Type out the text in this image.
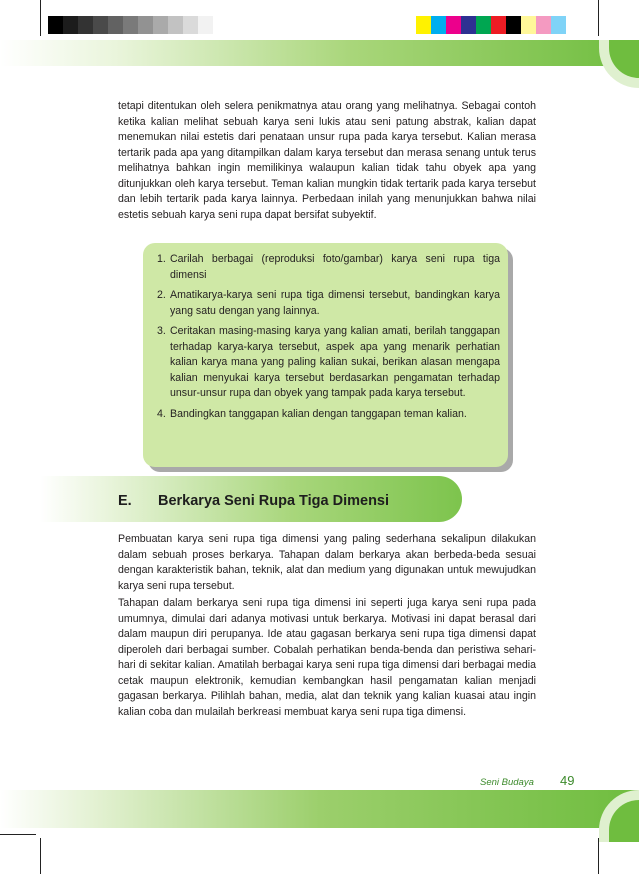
tetapi ditentukan oleh selera penikmatnya atau orang yang melihatnya. Sebagai contoh ketika kalian melihat sebuah karya seni lukis atau seni patung abstrak, kalian dapat menemukan nilai estetis dari penataan unsur rupa pada karya tersebut. Kalian merasa tertarik pada apa yang ditampilkan dalam karya tersebut dan merasa senang untuk terus melihatnya bahkan ingin memilikinya walaupun kalian tidak tahu obyek apa yang ditunjukkan oleh karya tersebut. Teman kalian mungkin tidak tertarik pada karya tersebut dan lebih tertarik pada karya lainnya. Perbedaan inilah yang menunjukkan bahwa nilai estetis sebuah karya seni rupa dapat bersifat subyektif.

1. Carilah berbagai (reproduksi foto/gambar) karya seni rupa tiga dimensi
2. Amatikarya-karya seni rupa tiga dimensi tersebut, bandingkan karya yang satu dengan yang lainnya.
3. Ceritakan masing-masing karya yang kalian amati, berilah tanggapan terhadap karya-karya tersebut, aspek apa yang menarik perhatian kalian karya mana yang paling kalian sukai, berikan alasan mengapa kalian menyukai karya tersebut berdasarkan pengamatan terhadap unsur-unsur rupa dan obyek yang tampak pada karya tersebut.
4. Bandingkan tanggapan kalian dengan tanggapan teman kalian.
E. Berkarya Seni Rupa Tiga Dimensi

Pembuatan karya seni rupa tiga dimensi yang paling sederhana sekalipun dilakukan dalam sebuah proses berkarya. Tahapan dalam berkarya akan berbeda-beda sesuai dengan karakteristik bahan, teknik, alat dan medium yang digunakan untuk mewujudkan karya seni rupa tersebut.

Tahapan dalam berkarya seni rupa tiga dimensi ini seperti juga karya seni rupa pada umumnya, dimulai dari adanya motivasi untuk berkarya. Motivasi ini dapat berasal dari dalam maupun diri perupanya. Ide atau gagasan berkarya seni rupa tiga dimensi dapat diperoleh dari berbagai sumber. Cobalah perhatikan benda-benda dan peristiwa sehari-hari di sekitar kalian. Amatilah berbagai karya seni rupa tiga dimensi dari berbagai media cetak maupun elektronik, kemudian kembangkan hasil pengamatan kalian menjadi gagasan berkarya. Pilihlah bahan, media, alat dan teknik yang kalian kuasai atau ingin kalian coba dan mulailah berkreasi membuat karya seni rupa tiga dimensi.

Seni Budaya 49
